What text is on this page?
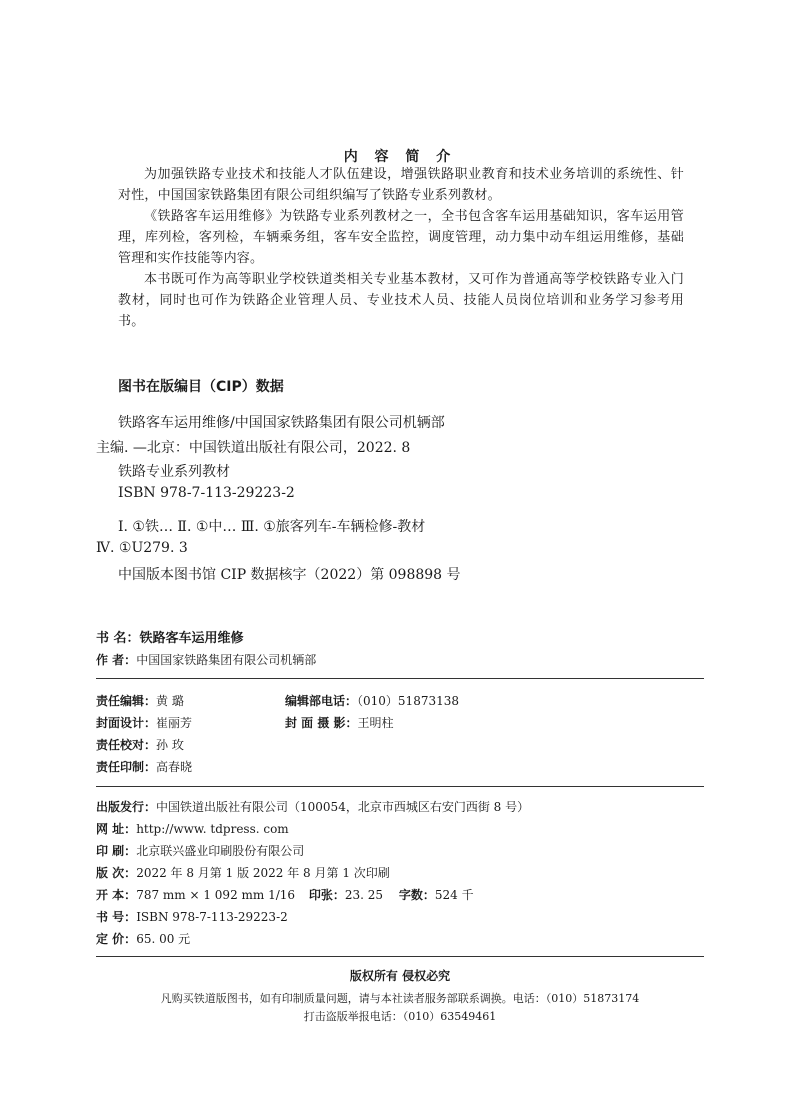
内 容 简 介
为加强铁路专业技术和技能人才队伍建设，增强铁路职业教育和技术业务培训的系统性、针对性，中国国家铁路集团有限公司组织编写了铁路专业系列教材。
《铁路客车运用维修》为铁路专业系列教材之一，全书包含客车运用基础知识，客车运用管理，库列检，客列检，车辆乘务组，客车安全监控，调度管理，动力集中动车组运用维修，基础管理和实作技能等内容。
本书既可作为高等职业学校铁道类相关专业基本教材，又可作为普通高等学校铁路专业入门教材，同时也可作为铁路企业管理人员、专业技术人员、技能人员岗位培训和业务学习参考用书。
图书在版编目（CIP）数据
铁路客车运用维修/中国国家铁路集团有限公司机辆部
主编. —北京：中国铁道出版社有限公司，2022. 8
铁路专业系列教材
ISBN 978-7-113-29223-2
Ⅰ. ①铁… Ⅱ. ①中… Ⅲ. ①旅客列车-车辆检修-教材
Ⅳ. ①U279. 3
中国版本图书馆 CIP 数据核字（2022）第 098898 号
书 名：铁路客车运用维修
作 者：中国国家铁路集团有限公司机辆部
责任编辑：黄 璐	编辑部电话：（010）51873138
封面设计：崔丽芳	封 面 摄 影：王明柱
责任校对：孙 玫
责任印制：高春晓
出版发行：中国铁道出版社有限公司（100054，北京市西城区右安门西街 8 号）
网 址：http://www. tdpress. com
印 刷：北京联兴盛业印刷股份有限公司
版 次：2022 年 8 月第 1 版 2022 年 8 月第 1 次印刷
开 本：787 mm × 1 092 mm 1/16 印张：23. 25 字数：524 千
书 号：ISBN 978-7-113-29223-2
定 价：65. 00 元
版权所有 侵权必究
凡购买铁道版图书，如有印制质量问题，请与本社读者服务部联系调换。电话：（010）51873174
打击盗版举报电话：（010）63549461
